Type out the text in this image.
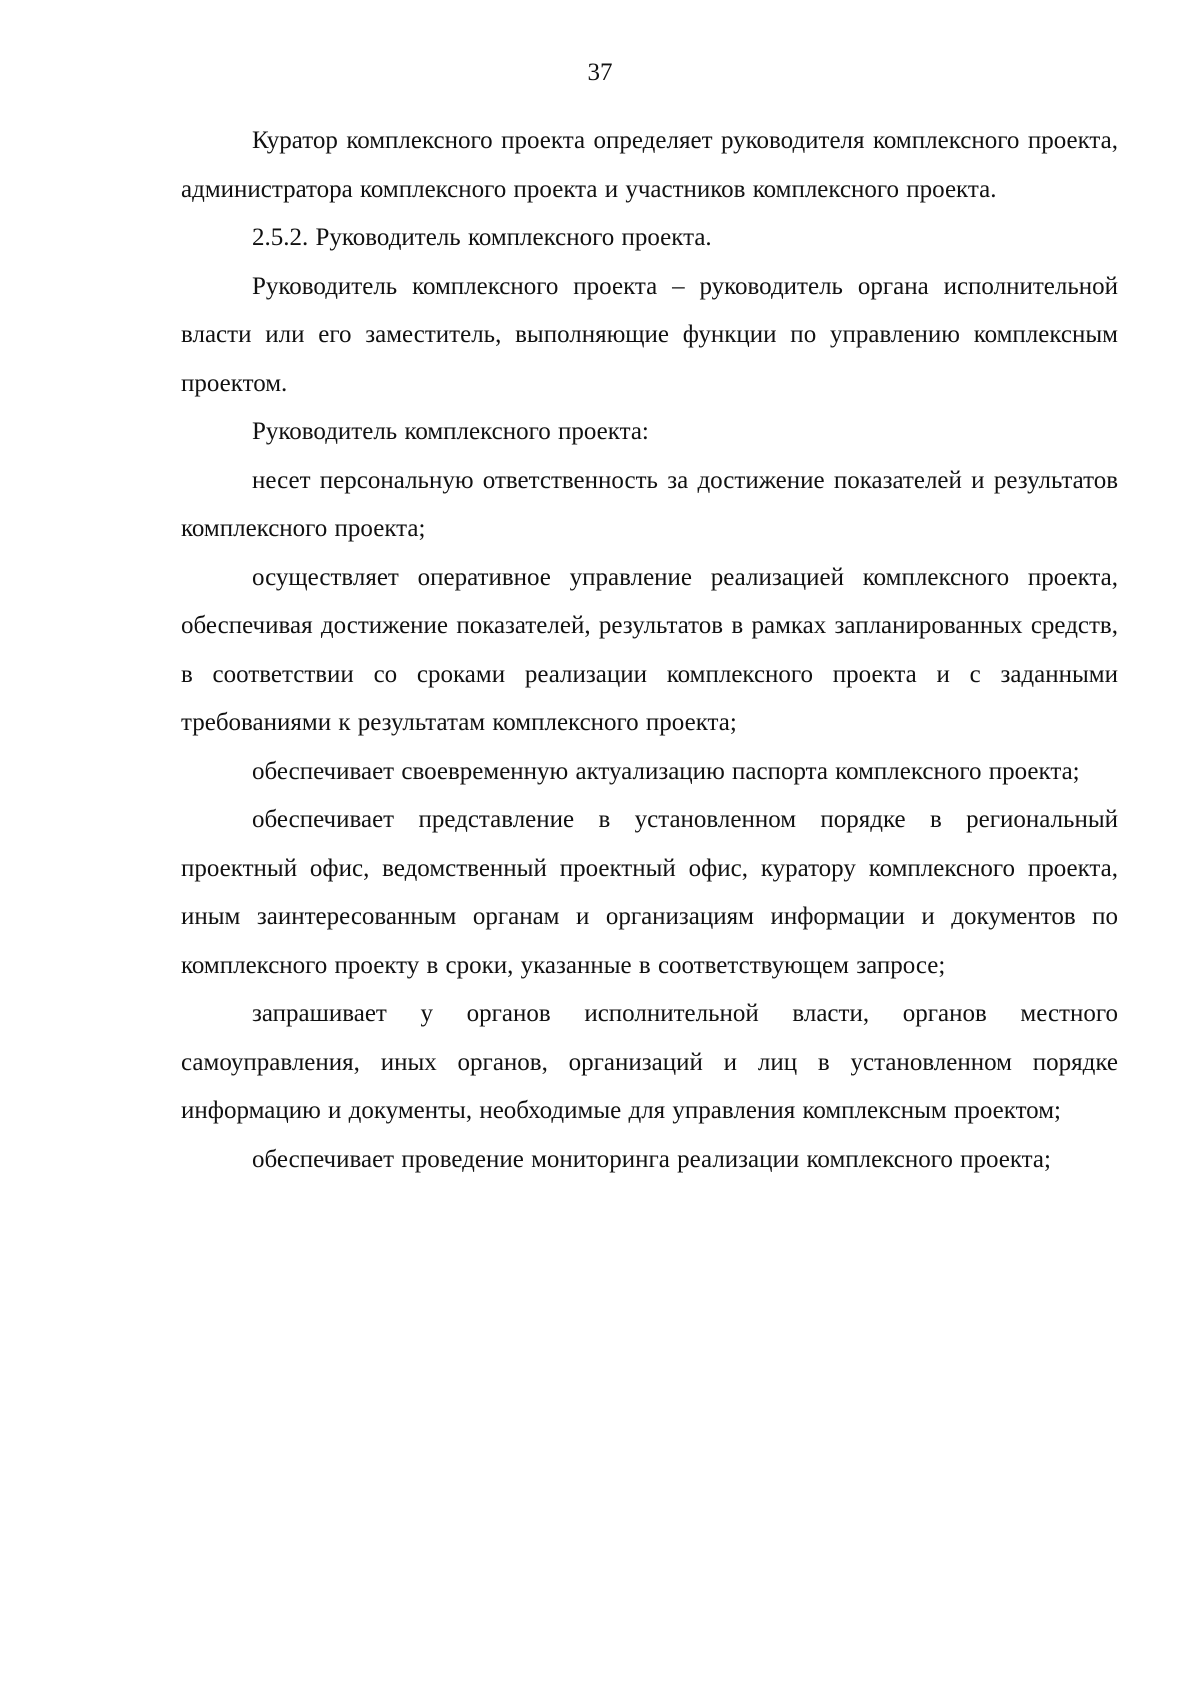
37

Куратор комплексного проекта определяет руководителя комплексного проекта, администратора комплексного проекта и участников комплексного проекта.

2.5.2. Руководитель комплексного проекта.

Руководитель комплексного проекта – руководитель органа исполнительной власти или его заместитель, выполняющие функции по управлению комплексным проектом.

Руководитель комплексного проекта:

несет персональную ответственность за достижение показателей и результатов комплексного проекта;

осуществляет оперативное управление реализацией комплексного проекта, обеспечивая достижение показателей, результатов в рамках запланированных средств, в соответствии со сроками реализации комплексного проекта и с заданными требованиями к результатам комплексного проекта;

обеспечивает своевременную актуализацию паспорта комплексного проекта;

обеспечивает представление в установленном порядке в региональный проектный офис, ведомственный проектный офис, куратору комплексного проекта, иным заинтересованным органам и организациям информации и документов по комплексного проекту в сроки, указанные в соответствующем запросе;

запрашивает у органов исполнительной власти, органов местного самоуправления, иных органов, организаций и лиц в установленном порядке информацию и документы, необходимые для управления комплексным проектом;

обеспечивает проведение мониторинга реализации комплексного проекта;
